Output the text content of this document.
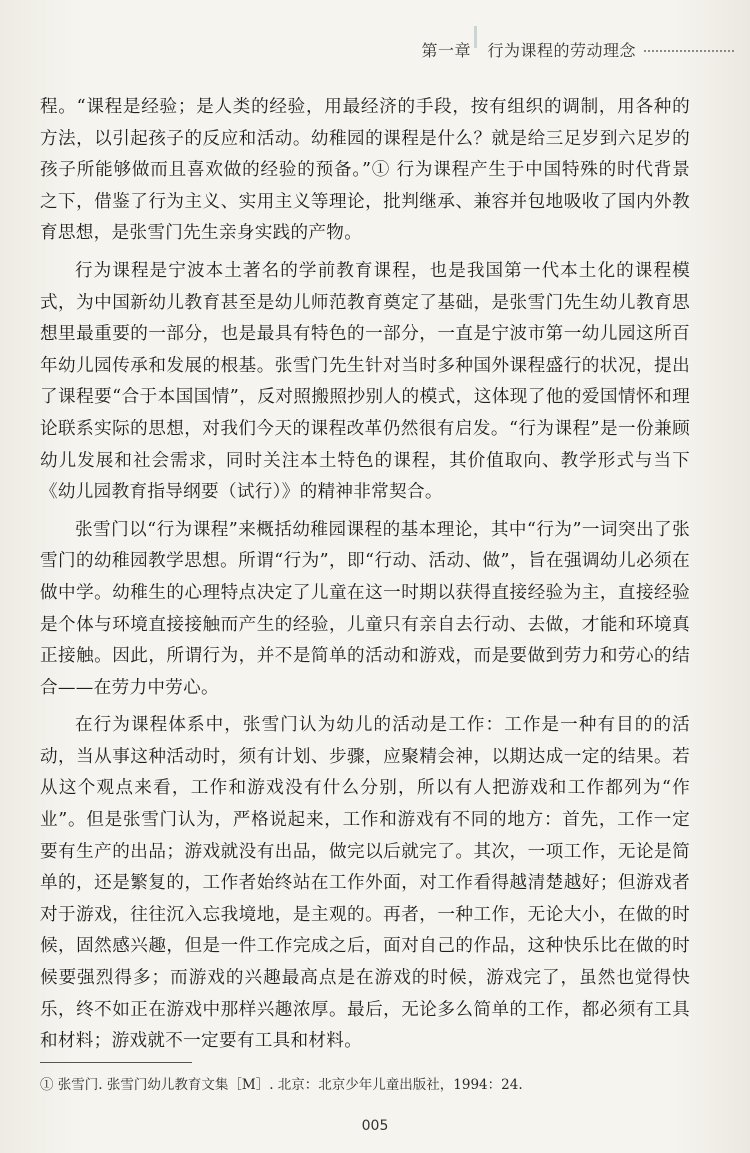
第一章　行为课程的劳动理念

程。“课程是经验；是人类的经验，用最经济的手段，按有组织的调制，用各种的方法，以引起孩子的反应和活动。幼稚园的课程是什么？就是给三足岁到六足岁的孩子所能够做而且喜欢做的经验的预备。”① 行为课程产生于中国特殊的时代背景之下，借鉴了行为主义、实用主义等理论，批判继承、兼容并包地吸收了国内外教育思想，是张雪门先生亲身实践的产物。

行为课程是宁波本土著名的学前教育课程，也是我国第一代本土化的课程模式，为中国新幼儿教育甚至是幼儿师范教育奠定了基础，是张雪门先生幼儿教育思想里最重要的一部分，也是最具有特色的一部分，一直是宁波市第一幼儿园这所百年幼儿园传承和发展的根基。张雪门先生针对当时多种国外课程盛行的状况，提出了课程要“合于本国国情”，反对照搬照抄别人的模式，这体现了他的爱国情怀和理论联系实际的思想，对我们今天的课程改革仍然很有启发。“行为课程”是一份兼顾幼儿发展和社会需求，同时关注本土特色的课程，其价值取向、教学形式与当下《幼儿园教育指导纲要（试行）》的精神非常契合。

张雪门以“行为课程”来概括幼稚园课程的基本理论，其中“行为”一词突出了张雪门的幼稚园教学思想。所谓“行为”，即“行动、活动、做”，旨在强调幼儿必须在做中学。幼稚生的心理特点决定了儿童在这一时期以获得直接经验为主，直接经验是个体与环境直接接触而产生的经验，儿童只有亲自去行动、去做，才能和环境真正接触。因此，所谓行为，并不是简单的活动和游戏，而是要做到劳力和劳心的结合——在劳力中劳心。

在行为课程体系中，张雪门认为幼儿的活动是工作：工作是一种有目的的活动，当从事这种活动时，须有计划、步骤，应聚精会神，以期达成一定的结果。若从这个观点来看，工作和游戏没有什么分别，所以有人把游戏和工作都列为“作业”。但是张雪门认为，严格说起来，工作和游戏有不同的地方：首先，工作一定要有生产的出品；游戏就没有出品，做完以后就完了。其次，一项工作，无论是简单的，还是繁复的，工作者始终站在工作外面，对工作看得越清楚越好；但游戏者对于游戏，往往沉入忘我境地，是主观的。再者，一种工作，无论大小，在做的时候，固然感兴趣，但是一件工作完成之后，面对自己的作品，这种快乐比在做的时候要强烈得多；而游戏的兴趣最高点是在游戏的时候，游戏完了，虽然也觉得快乐，终不如正在游戏中那样兴趣浓厚。最后，无论多么简单的工作，都必须有工具和材料；游戏就不一定要有工具和材料。

① 张雪门. 张雪门幼儿教育文集［M］. 北京：北京少年儿童出版社，1994：24.
005
